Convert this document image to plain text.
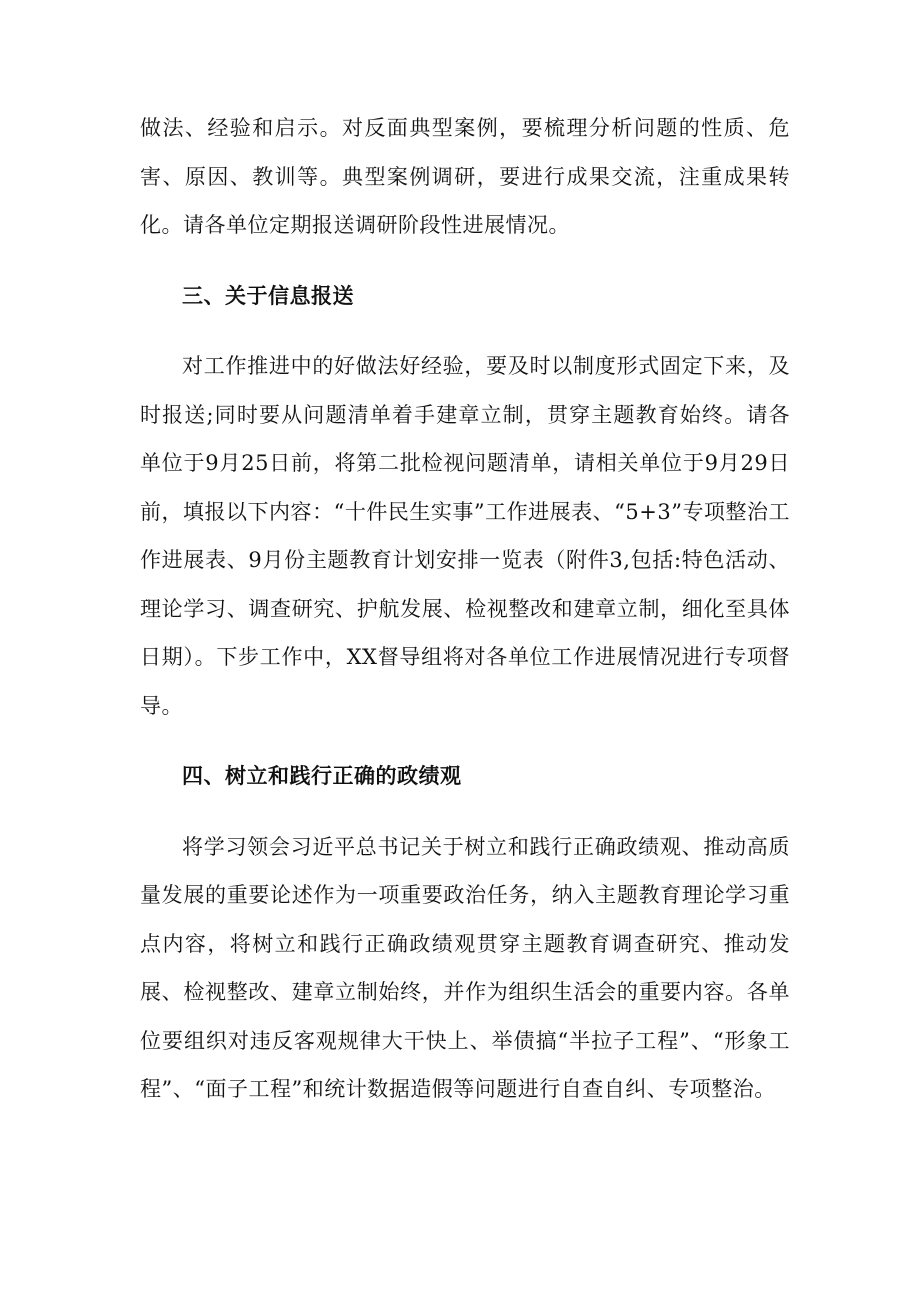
做法、经验和启示。对反面典型案例，要梳理分析问题的性质、危害、原因、教训等。典型案例调研，要进行成果交流，注重成果转化。请各单位定期报送调研阶段性进展情况。

三、关于信息报送

对工作推进中的好做法好经验，要及时以制度形式固定下来，及时报送;同时要从问题清单着手建章立制，贯穿主题教育始终。请各单位于9月25日前，将第二批检视问题清单，请相关单位于9月29日前，填报以下内容：“十件民生实事”工作进展表、“5+3”专项整治工作进展表、9月份主题教育计划安排一览表（附件3,包括:特色活动、理论学习、调查研究、护航发展、检视整改和建章立制，细化至具体日期）。下步工作中，XX督导组将对各单位工作进展情况进行专项督导。

四、树立和践行正确的政绩观

将学习领会习近平总书记关于树立和践行正确政绩观、推动高质量发展的重要论述作为一项重要政治任务，纳入主题教育理论学习重点内容，将树立和践行正确政绩观贯穿主题教育调查研究、推动发展、检视整改、建章立制始终，并作为组织生活会的重要内容。各单位要组织对违反客观规律大干快上、举债搞“半拉子工程”、“形象工程”、“面子工程”和统计数据造假等问题进行自查自纠、专项整治。
